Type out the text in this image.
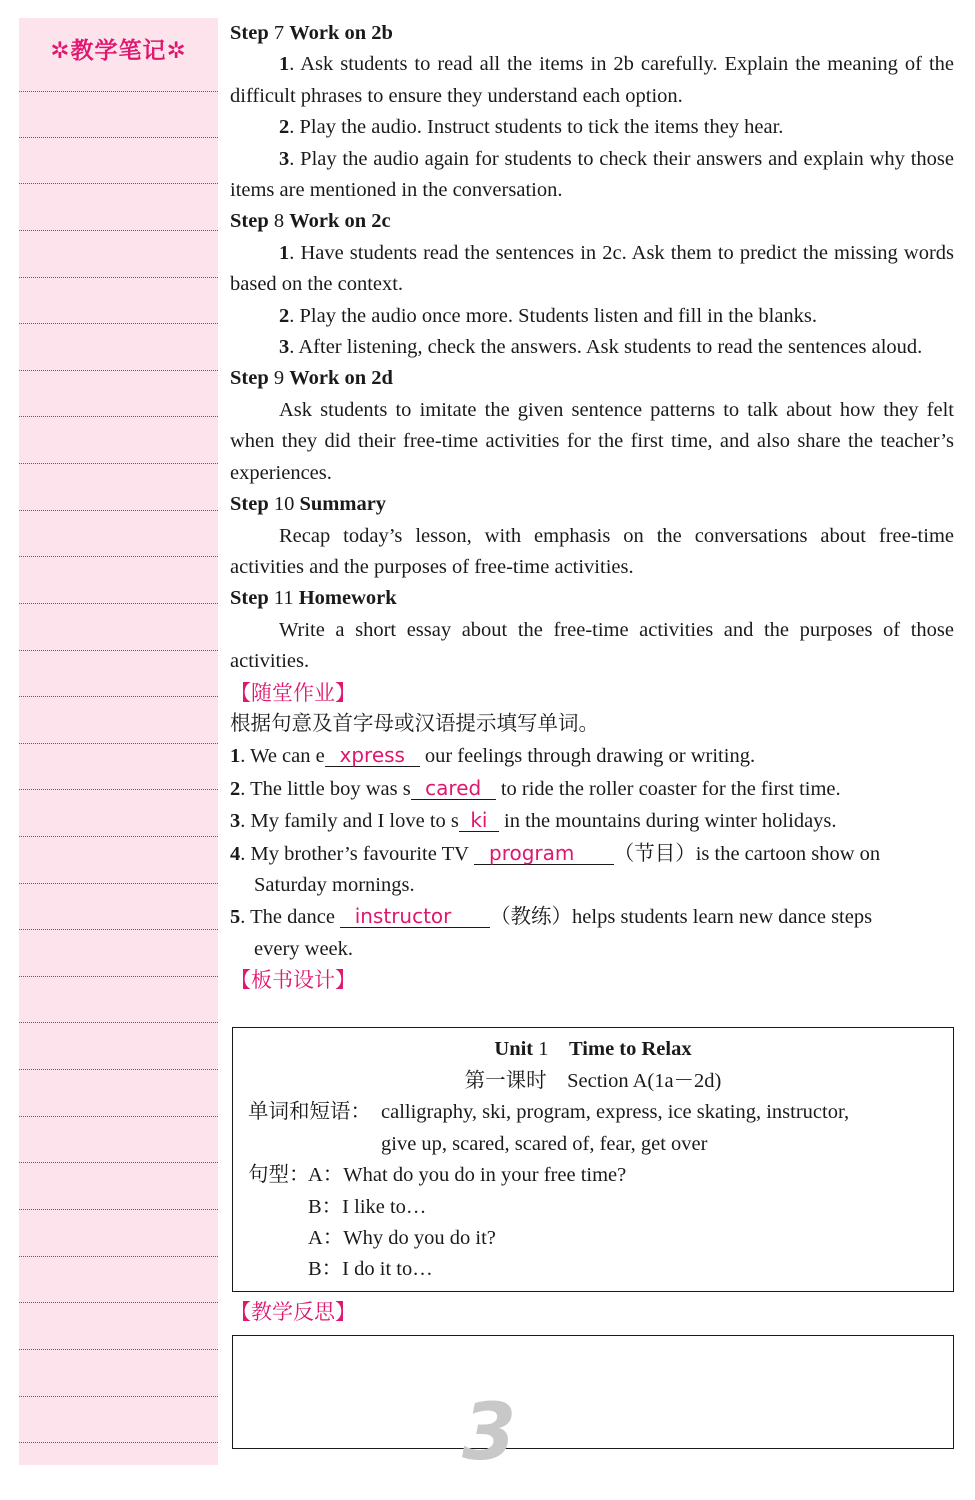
✲教学笔记✲

Step 7 Work on 2b

1. Ask students to read all the items in 2b carefully. Explain the meaning of the difficult phrases to ensure they understand each option.

2. Play the audio. Instruct students to tick the items they hear.

3. Play the audio again for students to check their answers and explain why those items are mentioned in the conversation.

Step 8 Work on 2c

1. Have students read the sentences in 2c. Ask them to predict the missing words based on the context.

2. Play the audio once more. Students listen and fill in the blanks.

3. After listening, check the answers. Ask students to read the sentences aloud.

Step 9 Work on 2d

Ask students to imitate the given sentence patterns to talk about how they felt when they did their free-time activities for the first time, and also share the teacher’s experiences.

Step 10 Summary

Recap today’s lesson, with emphasis on the conversations about free-time activities and the purposes of free-time activities.

Step 11 Homework

Write a short essay about the free-time activities and the purposes of those activities.

【随堂作业】

根据句意及首字母或汉语提示填写单词。

1. We can e xpress our feelings through drawing or writing.

2. The little boy was s cared to ride the roller coaster for the first time.

3. My family and I love to s ki in the mountains during winter holidays.

4. My brother’s favourite TV program （节目）is the cartoon show on
Saturday mornings.

5. The dance instructor （教练）helps students learn new dance steps
every week.

【板书设计】

Unit 1　 Time to Relax
第一课时　Section A(1a－2d)
单词和短语： calligraphy, ski, program, express, ice skating, instructor,
give up, scared, scared of, fear, get over
句型：
A：What do you do in your free time?
B：I like to…
A：Why do you do it?
B：I do it to…
【教学反思】
3
